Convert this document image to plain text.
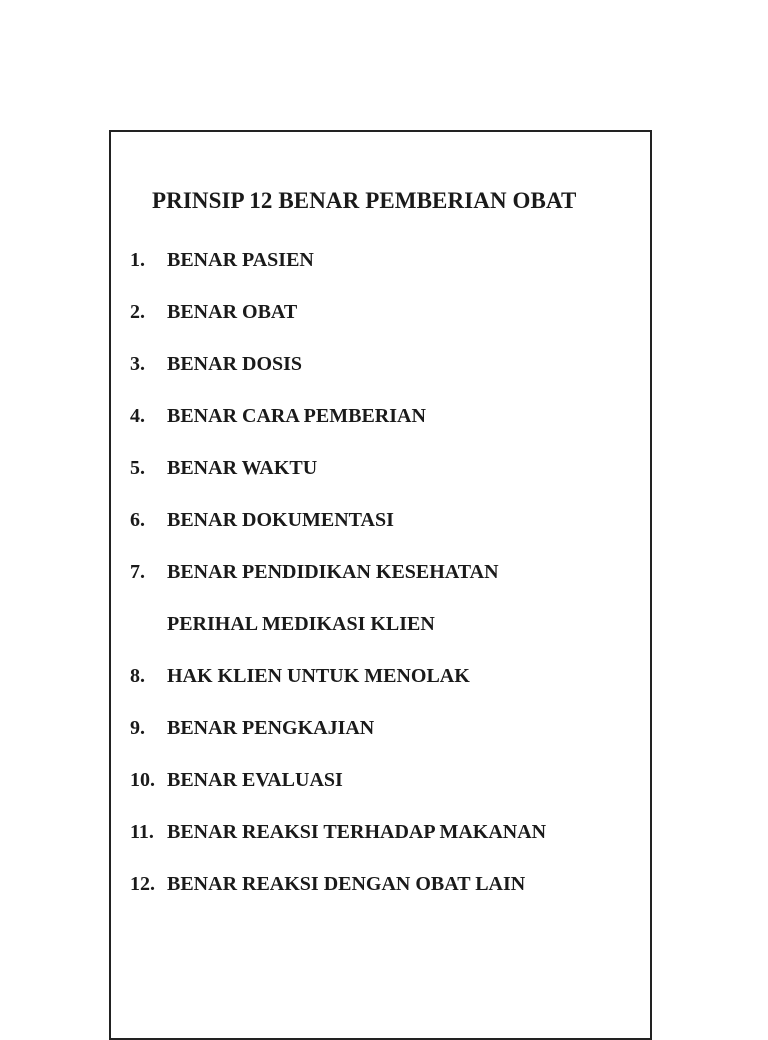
PRINSIP 12 BENAR PEMBERIAN OBAT
1. BENAR PASIEN
2. BENAR OBAT
3. BENAR DOSIS
4. BENAR CARA PEMBERIAN
5. BENAR WAKTU
6. BENAR DOKUMENTASI
7. BENAR PENDIDIKAN KESEHATAN
PERIHAL MEDIKASI KLIEN
8. HAK KLIEN UNTUK MENOLAK
9. BENAR PENGKAJIAN
10. BENAR EVALUASI
11. BENAR REAKSI TERHADAP MAKANAN
12. BENAR REAKSI DENGAN OBAT LAIN
